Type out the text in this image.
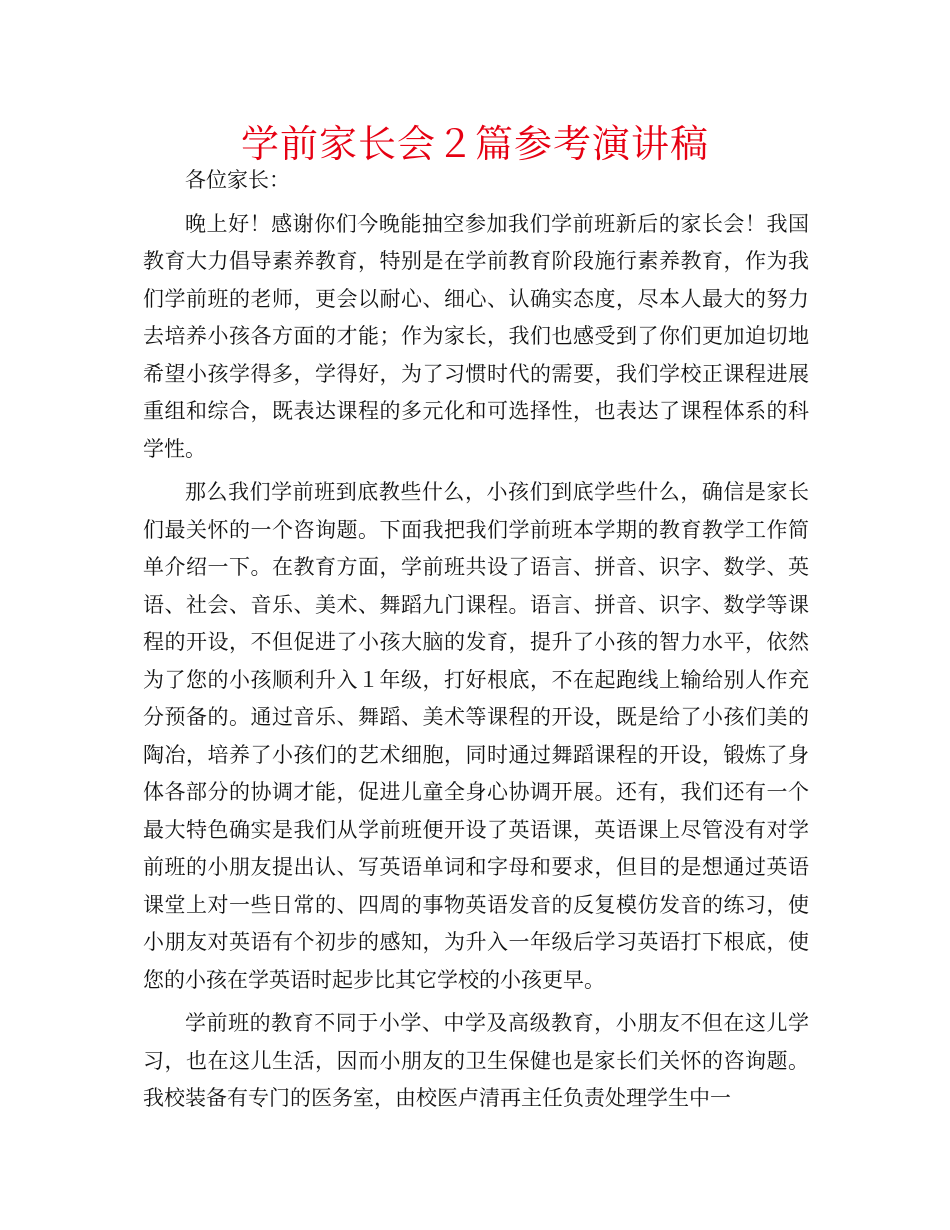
学前家长会２篇参考演讲稿

各位家长：

晚上好！感谢你们今晚能抽空参加我们学前班新后的家长会！我国教育大力倡导素养教育，特别是在学前教育阶段施行素养教育，作为我们学前班的老师，更会以耐心、细心、认确实态度，尽本人最大的努力去培养小孩各方面的才能；作为家长，我们也感受到了你们更加迫切地希望小孩学得多，学得好，为了习惯时代的需要，我们学校正课程进展重组和综合，既表达课程的多元化和可选择性，也表达了课程体系的科学性。

那么我们学前班到底教些什么，小孩们到底学些什么，确信是家长们最关怀的一个咨询题。下面我把我们学前班本学期的教育教学工作简单介绍一下。在教育方面，学前班共设了语言、拼音、识字、数学、英语、社会、音乐、美术、舞蹈九门课程。语言、拼音、识字、数学等课程的开设，不但促进了小孩大脑的发育，提升了小孩的智力水平，依然为了您的小孩顺利升入１年级，打好根底，不在起跑线上输给别人作充分预备的。通过音乐、舞蹈、美术等课程的开设，既是给了小孩们美的陶冶，培养了小孩们的艺术细胞，同时通过舞蹈课程的开设，锻炼了身体各部分的协调才能，促进儿童全身心协调开展。还有，我们还有一个最大特色确实是我们从学前班便开设了英语课，英语课上尽管没有对学前班的小朋友提出认、写英语单词和字母和要求，但目的是想通过英语课堂上对一些日常的、四周的事物英语发音的反复模仿发音的练习，使小朋友对英语有个初步的感知，为升入一年级后学习英语打下根底，使您的小孩在学英语时起步比其它学校的小孩更早。

学前班的教育不同于小学、中学及高级教育，小朋友不但在这儿学习，也在这儿生活，因而小朋友的卫生保健也是家长们关怀的咨询题。我校装备有专门的医务室，由校医卢清再主任负责处理学生中一
